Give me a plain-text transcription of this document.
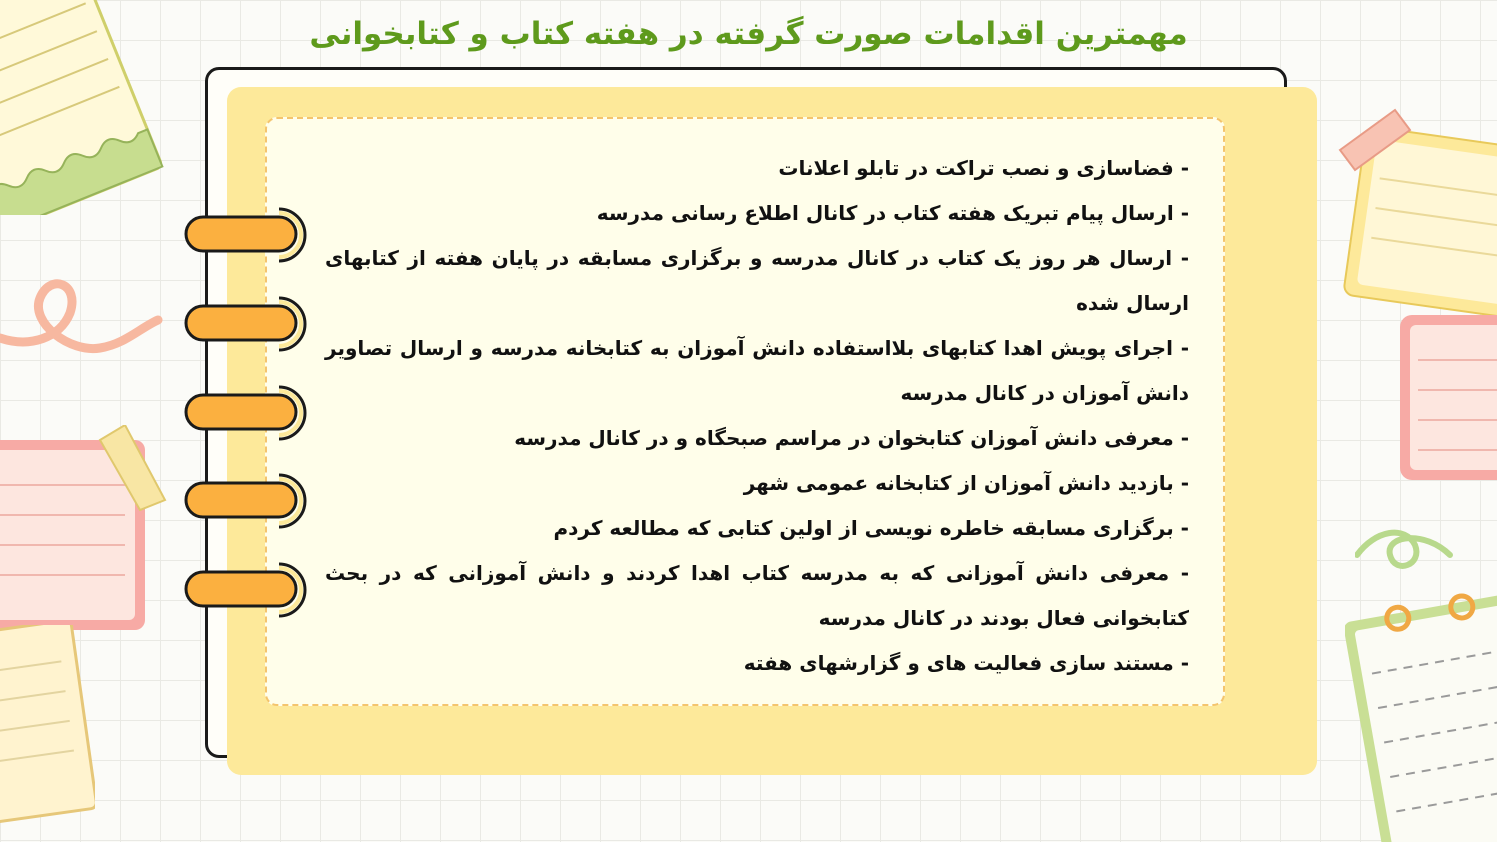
مهمترین اقدامات صورت گرفته در هفته کتاب و کتابخوانی
- فضاسازی و نصب تراکت در تابلو اعلانات
- ارسال پیام تبریک هفته کتاب در کانال اطلاع رسانی مدرسه
- ارسال هر روز یک کتاب در کانال مدرسه و برگزاری مسابقه در پایان هفته از کتابهای ارسال شده
- اجرای پویش اهدا کتابهای بلااستفاده دانش آموزان به کتابخانه مدرسه و ارسال تصاویر دانش آموزان در کانال مدرسه
- معرفی دانش آموزان کتابخوان در مراسم صبحگاه و در کانال مدرسه
- بازدید دانش آموزان از کتابخانه عمومی شهر
- برگزاری مسابقه خاطره نویسی از اولین کتابی که مطالعه کردم
- معرفی دانش آموزانی که به مدرسه کتاب اهدا کردند و دانش آموزانی که در بحث کتابخوانی فعال بودند در کانال مدرسه
- مستند سازی فعالیت های و گزارشهای هفته
